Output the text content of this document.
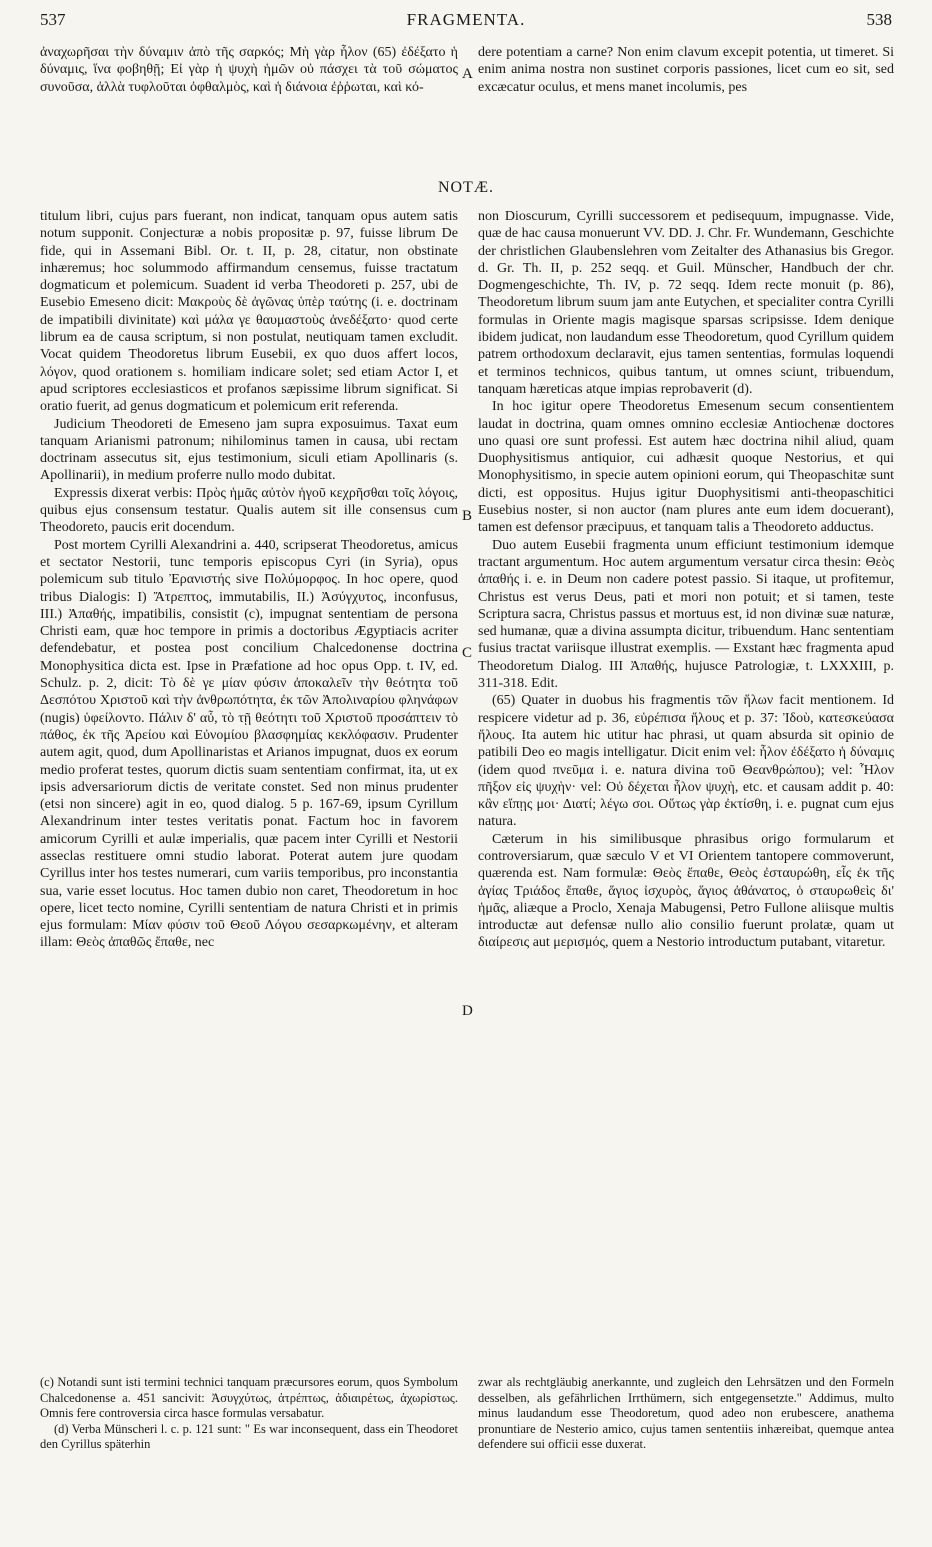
537	FRAGMENTA.	538

ἀναχωρῆσαι τὴν δύναμιν ἀπὸ τῆς σαρκός; Μὴ γὰρ ἧλον (65) ἐδέξατο ἡ δύναμις, ἵνα φοβηθῇ; Εἰ γὰρ ἡ ψυχὴ ἡμῶν οὐ πάσχει τὰ τοῦ σώματος συνοῦσα, ἀλλὰ τυφλοῦται ὀφθαλμὸς, καὶ ἡ διάνοια ἐῤῥωται, καὶ κό-

dere potentiam a carne? Non enim clavum excepit potentia, ut timeret. Si enim anima nostra non sustinet corporis passiones, licet cum eo sit, sed excæcatur oculus, et mens manet incolumis, pes

NOTÆ.

titulum libri, cujus pars fuerant, non indicat, tanquam opus autem satis notum supponit. Conjecturæ a nobis propositæ p. 97, fuisse librum De fide, qui in Assemani Bibl. Or. t. II, p. 28, citatur, non obstinate inhæremus; hoc solummodo affirmandum censemus, fuisse tractatum dogmaticum et polemicum. Suadent id verba Theodoreti p. 257, ubi de Eusebio Emeseno dicit: Μακροὺς δὲ ἀγῶνας ὑπὲρ ταύτης (i. e. doctrinam de impatibili divinitate) καὶ μάλα γε θαυμαστοὺς ἀνεδέξατο· quod certe librum ea de causa scriptum, si non postulat, neutiquam tamen excludit. Vocat quidem Theodoretus librum Eusebii, ex quo duos affert locos, λόγον, quod orationem s. homiliam indicare solet; sed etiam Actor I, et apud scriptores ecclesiasticos et profanos sæpissime librum significat. Si oratio fuerit, ad genus dogmaticum et polemicum erit referenda.

Judicium Theodoreti de Emeseno jam supra exposuimus. Taxat eum tanquam Arianismi patronum; nihilominus tamen in causa, ubi rectam doctrinam assecutus sit, ejus testimonium, siculi etiam Apollinaris (s. Apollinarii), in medium proferre nullo modo dubitat.

Expressis dixerat verbis: Πρὸς ἡμᾶς αὐτὸν ἡγοῦ κεχρῆσθαι τοῖς λόγοις, quibus ejus consensum testatur. Qualis autem sit ille consensus cum Theodoreto, paucis erit docendum.

Post mortem Cyrilli Alexandrini a. 440, scripserat Theodoretus, amicus et sectator Nestorii, tunc temporis episcopus Cyri (in Syria), opus polemicum sub titulo Ἐρανιστής sive Πολύμορφος. In hoc opere, quod tribus Dialogis: I) Ἄτρεπτος, immutabilis, II.) Ἀσύγχυτος, inconfusus, III.) Ἀπαθής, impatibilis, consistit (c), impugnat sententiam de persona Christi eam, quæ hoc tempore in primis a doctoribus Ægyptiacis acriter defendebatur, et postea post concilium Chalcedonense doctrina Monophysitica dicta est. Ipse in Præfatione ad hoc opus Opp. t. IV, ed. Schulz. p. 2, dicit: Τὸ δὲ γε μίαν φύσιν ἀποκαλεῖν τὴν θεότητα τοῦ Δεσπότου Χριστοῦ καὶ τὴν ἀνθρωπότητα, ἐκ τῶν Ἀπολιναρίου φληνάφων (nugis) ὑφείλοντο. Πάλιν δ' αὖ, τὸ τῇ θεότητι τοῦ Χριστοῦ προσάπτειν τὸ πάθος, ἐκ τῆς Ἀρείου καὶ Εὐνομίου βλασφημίας κεκλόφασιν. Prudenter autem agit, quod, dum Apollinaristas et Arianos impugnat, duos ex eorum medio proferat testes, quorum dictis suam sententiam confirmat, ita, ut ex ipsis adversariorum dictis de veritate constet. Sed non minus prudenter (etsi non sincere) agit in eo, quod dialog. 5 p. 167-69, ipsum Cyrillum Alexandrinum inter testes veritatis ponat. Factum hoc in favorem amicorum Cyrilli et aulæ imperialis, quæ pacem inter Cyrilli et Nestorii asseclas restituere omni studio laborat. Poterat autem jure quodam Cyrillus inter hos testes numerari, cum variis temporibus, pro inconstantia sua, varie esset locutus. Hoc tamen dubio non caret, Theodoretum in hoc opere, licet tecto nomine, Cyrilli sententiam de natura Christi et in primis ejus formulam: Μίαν φύσιν τοῦ Θεοῦ Λόγου σεσαρκωμένην, et alteram illam: Θεὸς ἀπαθῶς ἔπαθε, nec

non Dioscurum, Cyrilli successorem et pedisequum, impugnasse. Vide, quæ de hac causa monuerunt VV. DD. J. Chr. Fr. Wundemann, Geschichte der christlichen Glaubenslehren vom Zeitalter des Athanasius bis Gregor. d. Gr. Th. II, p. 252 seqq. et Guil. Münscher, Handbuch der chr. Dogmengeschichte, Th. IV, p. 72 seqq. Idem recte monuit (p. 86), Theodoretum librum suum jam ante Eutychen, et specialiter contra Cyrilli formulas in Oriente magis magisque sparsas scripsisse. Idem denique ibidem judicat, non laudandum esse Theodoretum, quod Cyrillum quidem patrem orthodoxum declaravit, ejus tamen sententias, formulas loquendi et terminos technicos, quibus tantum, ut omnes sciunt, tribuendum, tanquam hæreticas atque impias reprobaverit (d).

In hoc igitur opere Theodoretus Emesenum secum consentientem laudat in doctrina, quam omnes omnino ecclesiæ Antiochenæ doctores uno quasi ore sunt professi. Est autem hæc doctrina nihil aliud, quam Duophysitismus antiquior, cui adhæsit quoque Nestorius, et qui Monophysitismo, in specie autem opinioni eorum, qui Theopaschitæ sunt dicti, est oppositus. Hujus igitur Duophysitismi anti-theopaschitici Eusebius noster, si non auctor (nam plures ante eum idem docuerant), tamen est defensor præcipuus, et tanquam talis a Theodoreto adductus.

Duo autem Eusebii fragmenta unum efficiunt testimonium idemque tractant argumentum. Hoc autem argumentum versatur circa thesin: Θεὸς ἀπαθής i. e. in Deum non cadere potest passio. Si itaque, ut profitemur, Christus est verus Deus, pati et mori non potuit; et si tamen, teste Scriptura sacra, Christus passus et mortuus est, id non divinæ suæ naturæ, sed humanæ, quæ a divina assumpta dicitur, tribuendum. Hanc sententiam fusius tractat variisque illustrat exemplis. — Exstant hæc fragmenta apud Theodoretum Dialog. III Ἀπαθής, hujusce Patrologiæ, t. LXXXIII, p. 311-318. Edit.

(65) Quater in duobus his fragmentis τῶν ἥλων facit mentionem. Id respicere videtur ad p. 36, εὑρέπισα ἥλους et p. 37: Ἰδοὺ, κατεσκεύασα ἥλους. Ita autem hic utitur hac phrasi, ut quam absurda sit opinio de patibili Deo eo magis intelligatur. Dicit enim vel: ἧλον ἐδέξατο ἡ δύναμις (idem quod πνεῦμα i. e. natura divina τοῦ Θεανθρώπου); vel: Ἧλον πῆξον εἰς ψυχὴν· vel: Οὐ δέχεται ἧλον ψυχὴ, etc. et causam addit p. 40: κἂν εἴπῃς μοι· Διατί; λέγω σοι. Οὕτως γὰρ ἐκτίσθη, i. e. pugnat cum ejus natura.

Cæterum in his similibusque phrasibus origo formularum et controversiarum, quæ sæculo V et VI Orientem tantopere commoverunt, quærenda est. Nam formulæ: Θεὸς ἔπαθε, Θεὸς ἐσταυρώθη, εἷς ἐκ τῆς ἁγίας Τριάδος ἔπαθε, ἅγιος ἰσχυρὸς, ἅγιος ἀθάνατος, ὁ σταυρωθεὶς δι' ἡμᾶς, aliæque a Proclo, Xenaja Mabugensi, Petro Fullone aliisque multis introductæ aut defensæ nullo alio consilio fuerunt prolatæ, quam ut διαίρεσις aut μερισμός, quem a Nestorio introductum putabant, vitaretur.

A
B
C
D

(c) Notandi sunt isti termini technici tanquam præcursores eorum, quos Symbolum Chalcedonense a. 451 sancivit: Ἀσυγχύτως, ἀτρέπτως, ἀδιαιρέτως, ἀχωρίστως. Omnis fere controversia circa hasce formulas versabatur.

(d) Verba Münscheri l. c. p. 121 sunt: " Es war inconsequent, dass ein Theodoret den Cyrillus späterhin

zwar als rechtgläubig anerkannte, und zugleich den Lehrsätzen und den Formeln desselben, als gefährlichen Irrthümern, sich entgegensetzte." Addimus, multo minus laudandum esse Theodoretum, quod adeo non erubescere, anathema pronuntiare de Nesterio amico, cujus tamen sententiis inhæreibat, quemque antea defendere sui officii esse duxerat.
